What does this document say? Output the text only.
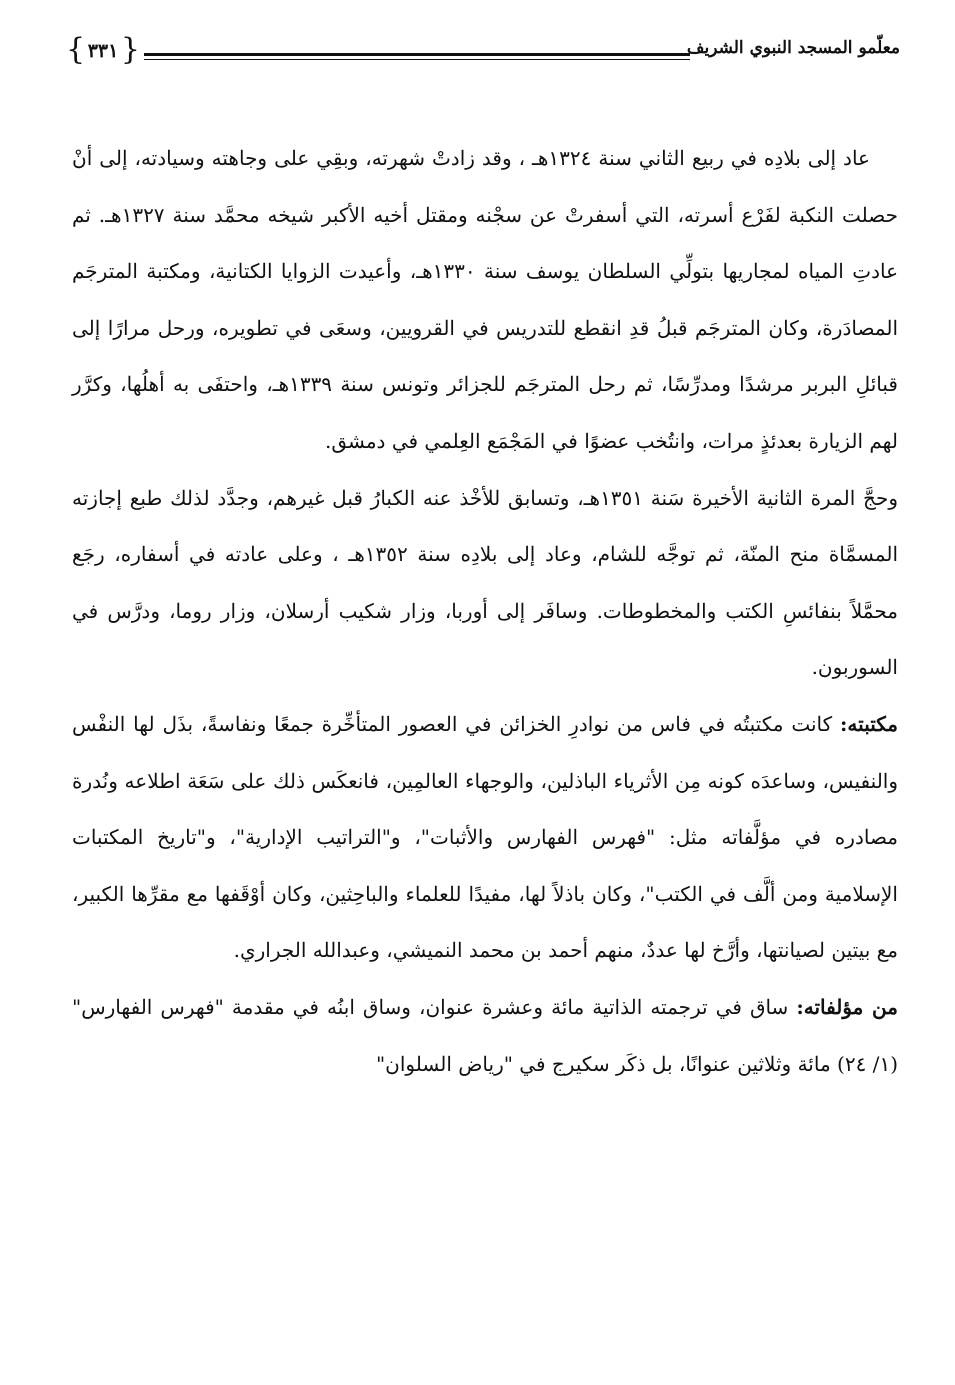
معلّمو المسجد النبوي الشريف
{ ٣٣١ }

عاد إلى بلادِه في ربيع الثاني سنة ١٣٢٤هـ ، وقد زادتْ شهرته، وبقِي على وجاهته وسيادته، إلى أنْ حصلت النكبة لفَرْع أسرته، التي أسفرتْ عن سجْنه ومقتل أخيه الأكبر شيخه محمَّد سنة ١٣٢٧هـ. ثم عادتِ المياه لمجاريها بتولِّي السلطان يوسف سنة ١٣٣٠هـ، وأعيدت الزوايا الكتانية، ومكتبة المترجَم المصادَرة، وكان المترجَم قبلُ قدِ انقطع للتدريس في القرويين، وسعَى في تطويره، ورحل مرارًا إلى قبائلِ البربر مرشدًا ومدرِّسًا، ثم رحل المترجَم للجزائر وتونس سنة ١٣٣٩هـ، واحتفَى به أهلُها، وكرَّر لهم الزيارة بعدئذٍ مرات، وانتُخب عضوًا في المَجْمَع العِلمي في دمشق.

وحجَّ المرة الثانية الأخيرة سَنة ١٣٥١هـ، وتسابق للأخْذ عنه الكبارُ قبل غيرهم، وجدَّد لذلك طبع إجازته المسمَّاة منح المنّة، ثم توجَّه للشام، وعاد إلى بلادِه سنة ١٣٥٢هـ ، وعلى عادته في أسفاره، رجَع محمَّلاً بنفائسِ الكتب والمخطوطات. وسافَر إلى أوربا، وزار شكيب أرسلان، وزار روما، ودرَّس في السوربون.

مكتبته: كانت مكتبتُه في فاس من نوادرِ الخزائن في العصور المتأخِّرة جمعًا ونفاسةً، بذَل لها النفْس والنفيس، وساعدَه كونه مِن الأثرياء الباذلين، والوجهاء العالمِين، فانعكَس ذلك على سَعَة اطلاعه ونُدرة مصادره في مؤلَّفاته مثل: "فهرس الفهارس والأثبات"، و"التراتيب الإدارية"، و"تاريخ المكتبات الإسلامية ومن ألَّف في الكتب"، وكان باذلاً لها، مفيدًا للعلماء والباحِثين، وكان أوْقَفها مع مقرِّها الكبير، مع بيتين لصيانتها، وأرَّخ لها عددٌ، منهم أحمد بن محمد النميشي، وعبدالله الجراري.

من مؤلفاته: ساق في ترجمته الذاتية مائة وعشرة عنوان، وساق ابنُه في مقدمة "فهرس الفهارس" (١/ ٢٤) مائة وثلاثين عنوانًا، بل ذكَر سكيرج في "رياض السلوان"
